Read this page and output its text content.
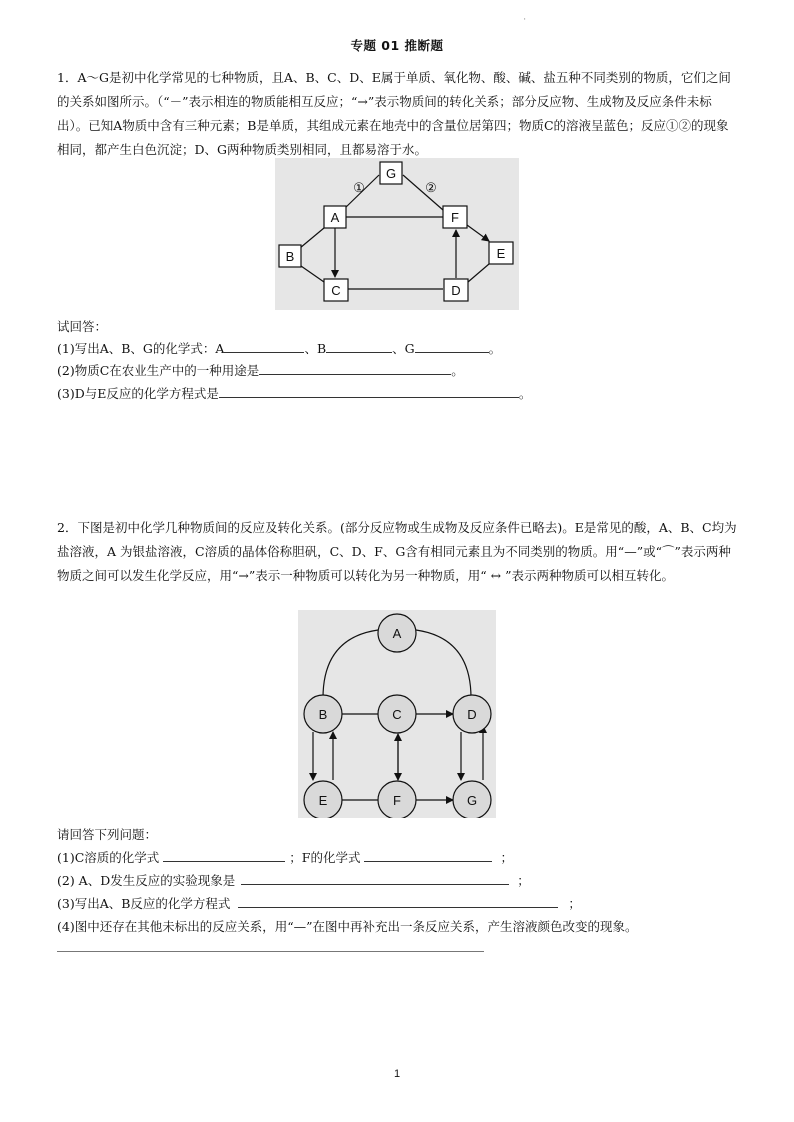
'
专题 01 推断题

1．A～G是初中化学常见的七种物质，且A、B、C、D、E属于单质、氧化物、酸、碱、盐五种不同类别的物质，它们之间的关系如图所示。（“－”表示相连的物质能相互反应；“→”表示物质间的转化关系；部分反应物、生成物及反应条件未标出）。已知A物质中含有三种元素；B是单质，其组成元素在地壳中的含量位居第四；物质C的溶液呈蓝色；反应①②的现象相同，都产生白色沉淀；D、G两种物质类别相同，且都易溶于水。

G
A	F
B	E
C	D
①	②
试回答：
(1)写出A、B、G的化学式：A	、B	、G	。
(2)物质C在农业生产中的一种用途是	。
(3)D与E反应的化学方程式是	。

2．下图是初中化学几种物质间的反应及转化关系。(部分反应物或生成物及反应条件已略去)。E是常见的酸，A、B、C均为盐溶液，A 为银盐溶液，C溶质的晶体俗称胆矾，C、D、F、G含有相同元素且为不同类别的物质。用“—”或“⌒”表示两种物质之间可以发生化学反应，用“→”表示一种物质可以转化为另一种物质，用“ ↔ ”表示两种物质可以相互转化。

A
B	C	D
E	F	G
请回答下列问题：
(1)C溶质的化学式	；F的化学式	；
(2) A、D发生反应的实验现象是	；
(3)写出A、B反应的化学方程式	；
(4)图中还存在其他未标出的反应关系，用“—”在图中再补充出一条反应关系，产生溶液颜色改变的现象。
1
